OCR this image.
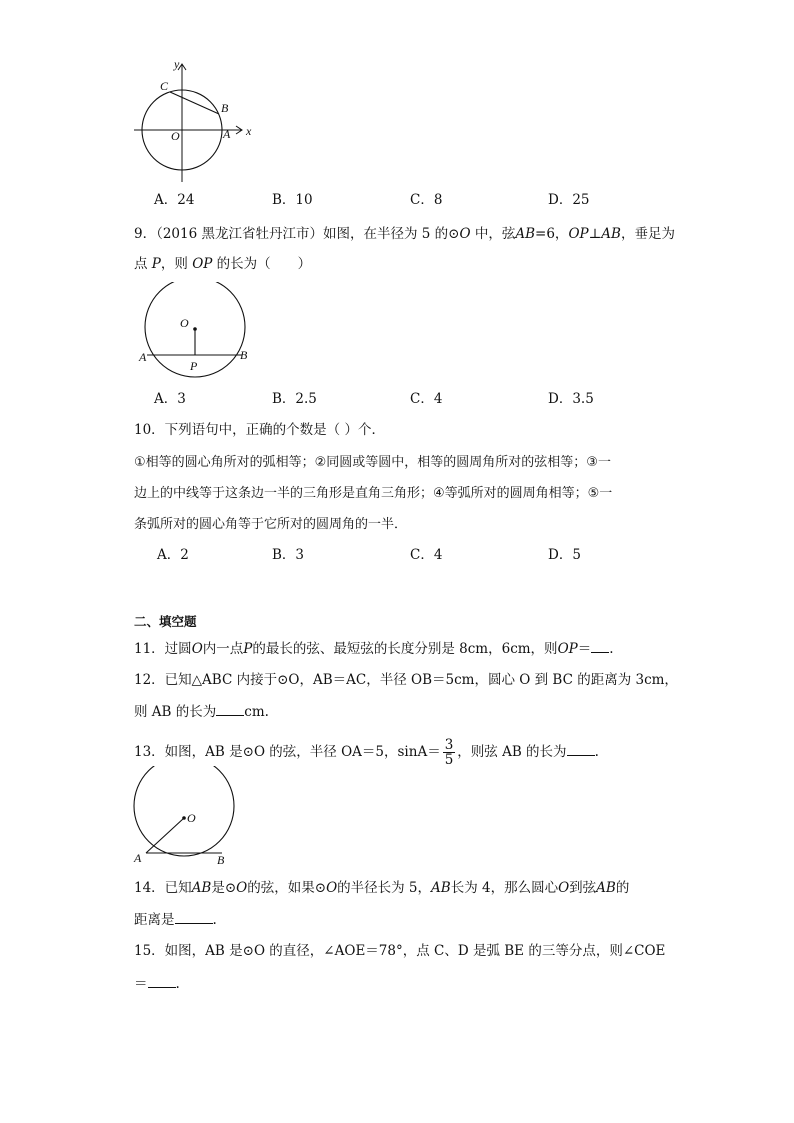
x
y
O	A
B
C
A．24	B．10	C．8	D．25
9．（2016 黑龙江省牡丹江市）如图，在半径为 5 的⊙O 中，弦AB=6，OP⊥AB，垂足为
点 P，则 OP 的长为（　　）
O
A	B
P
A．3	B．2.5	C．4	D．3.5
10．下列语句中，正确的个数是（ ）个．
①相等的圆心角所对的弧相等；②同圆或等圆中，相等的圆周角所对的弦相等；③一
边上的中线等于这条边一半的三角形是直角三角形；④等弧所对的圆周角相等；⑤一
条弧所对的圆心角等于它所对的圆周角的一半．
A．2	B．3	C．4	D．5
二、填空题
11．过圆O内一点P的最长的弦、最短弦的长度分别是 8cm，6cm，则OP＝ .
12．已知△ABC 内接于⊙O，AB＝AC，半径 OB＝5cm，圆心 O 到 BC 的距离为 3cm，
则 AB 的长为 cm.
13．如图，AB 是⊙O 的弦，半径 OA＝5，$\sin A= \frac{3}{5}$ ，则弦 AB 的长为 .
O
A	B
14．已知AB是⊙O的弦，如果⊙O的半径长为 5，AB长为 4，那么圆心O到弦AB的
距离是	.
15．如图，AB 是⊙O 的直径，∠AOE＝78°，点 C、D 是弧 BE 的三等分点，则∠COE
＝ .
